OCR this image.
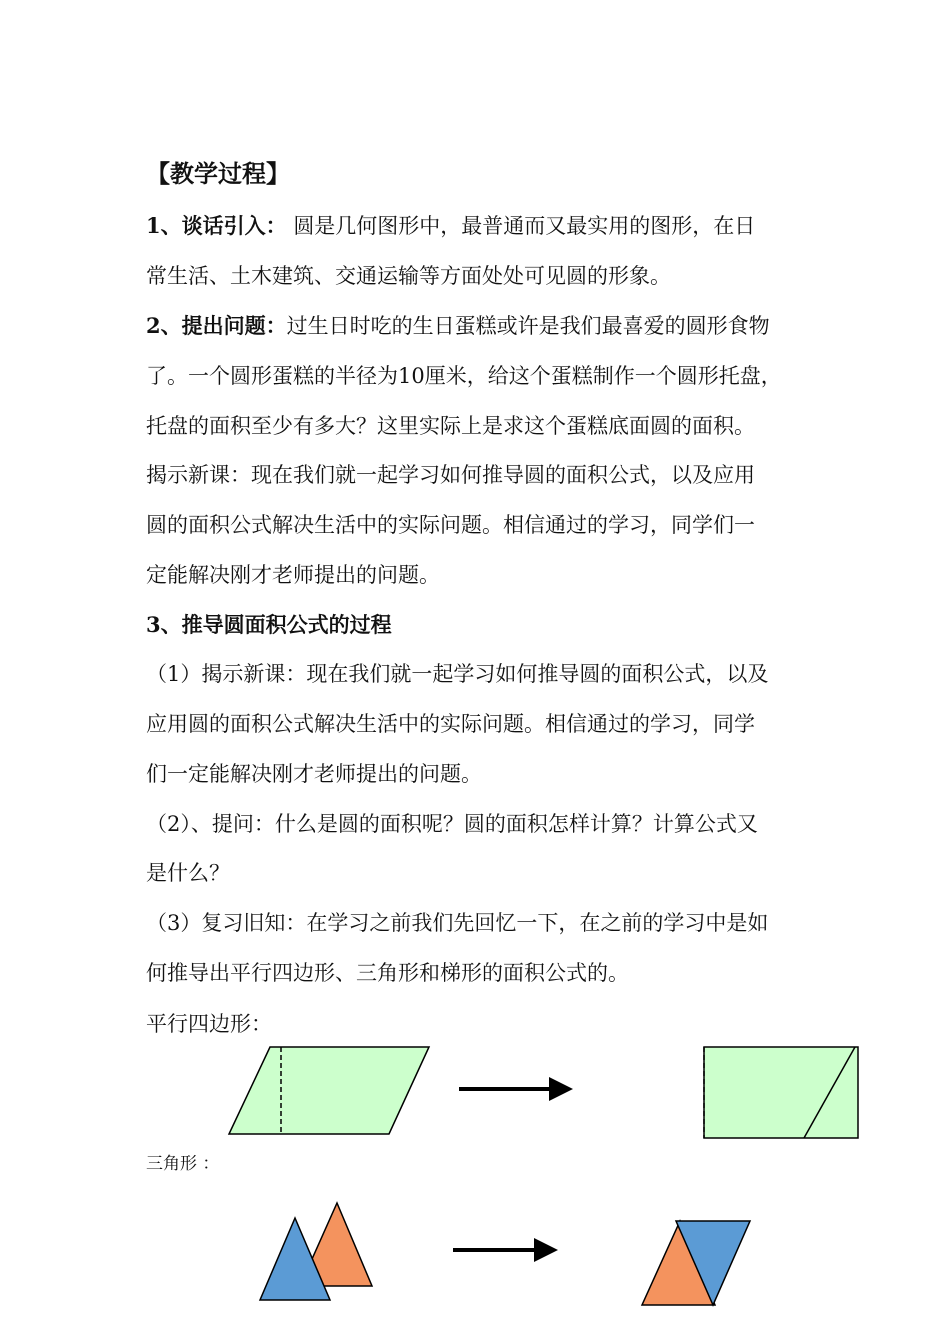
【教学过程】
1、谈话引入： 圆是几何图形中，最普通而又最实用的图形，在日
常生活、土木建筑、交通运输等方面处处可见圆的形象。
2、提出问题：过生日时吃的生日蛋糕或许是我们最喜爱的圆形食物
了。一个圆形蛋糕的半径为10厘米，给这个蛋糕制作一个圆形托盘，
托盘的面积至少有多大？这里实际上是求这个蛋糕底面圆的面积。
揭示新课：现在我们就一起学习如何推导圆的面积公式，以及应用
圆的面积公式解决生活中的实际问题。相信通过的学习，同学们一
定能解决刚才老师提出的问题。
3、推导圆面积公式的过程
（1）揭示新课：现在我们就一起学习如何推导圆的面积公式，以及
应用圆的面积公式解决生活中的实际问题。相信通过的学习，同学
们一定能解决刚才老师提出的问题。
（2）、提问：什么是圆的面积呢？圆的面积怎样计算？计算公式又
是什么？
（3）复习旧知：在学习之前我们先回忆一下，在之前的学习中是如
何推导出平行四边形、三角形和梯形的面积公式的。
平行四边形：
三角形 ：
